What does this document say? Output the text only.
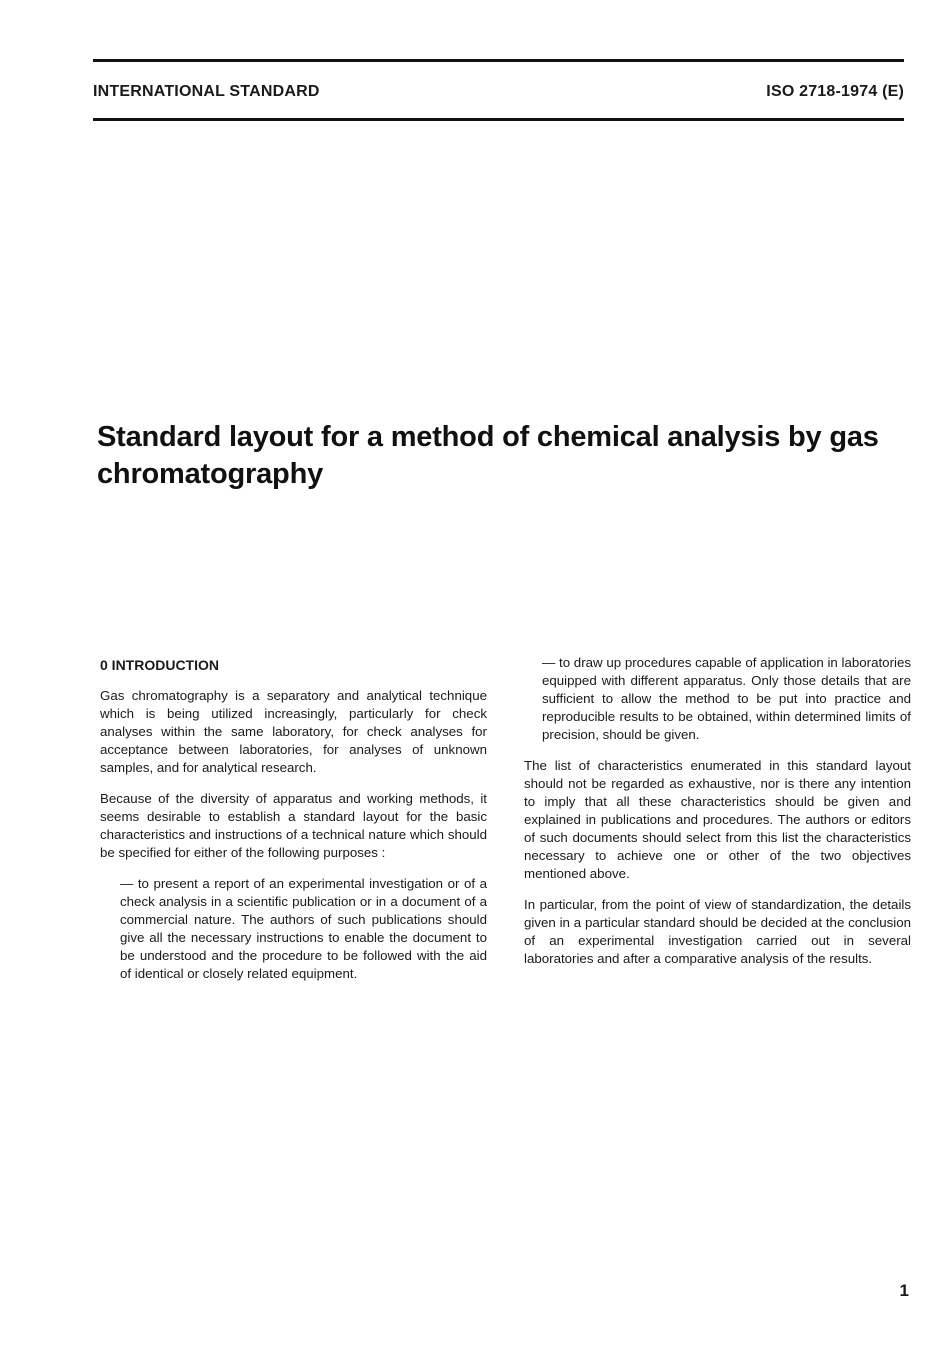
INTERNATIONAL STANDARD	ISO 2718-1974 (E)
Standard layout for a method of chemical analysis by gas chromatography
0 INTRODUCTION

Gas chromatography is a separatory and analytical technique which is being utilized increasingly, particularly for check analyses within the same laboratory, for check analyses for acceptance between laboratories, for analyses of unknown samples, and for analytical research.

Because of the diversity of apparatus and working methods, it seems desirable to establish a standard layout for the basic characteristics and instructions of a technical nature which should be specified for either of the following purposes :

— to present a report of an experimental investigation or of a check analysis in a scientific publication or in a document of a commercial nature. The authors of such publications should give all the necessary instructions to enable the document to be understood and the procedure to be followed with the aid of identical or closely related equipment.

— to draw up procedures capable of application in laboratories equipped with different apparatus. Only those details that are sufficient to allow the method to be put into practice and reproducible results to be obtained, within determined limits of precision, should be given.

The list of characteristics enumerated in this standard layout should not be regarded as exhaustive, nor is there any intention to imply that all these characteristics should be given and explained in publications and procedures. The authors or editors of such documents should select from this list the characteristics necessary to achieve one or other of the two objectives mentioned above.

In particular, from the point of view of standardization, the details given in a particular standard should be decided at the conclusion of an experimental investigation carried out in several laboratories and after a comparative analysis of the results.

1
